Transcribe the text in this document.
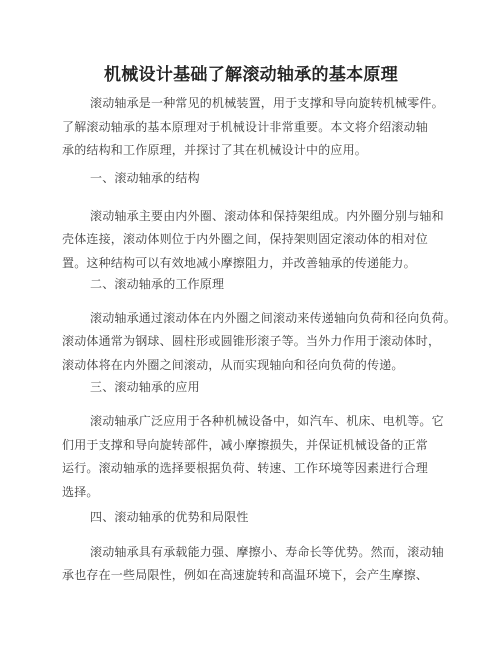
机械设计基础了解滚动轴承的基本原理
滚动轴承是一种常见的机械装置，用于支撑和导向旋转机械零件。
了解滚动轴承的基本原理对于机械设计非常重要。本文将介绍滚动轴
承的结构和工作原理，并探讨了其在机械设计中的应用。
一、滚动轴承的结构
滚动轴承主要由内外圈、滚动体和保持架组成。内外圈分别与轴和
壳体连接，滚动体则位于内外圈之间，保持架则固定滚动体的相对位
置。这种结构可以有效地减小摩擦阻力，并改善轴承的传递能力。
二、滚动轴承的工作原理
滚动轴承通过滚动体在内外圈之间滚动来传递轴向负荷和径向负荷。
滚动体通常为钢球、圆柱形或圆锥形滚子等。当外力作用于滚动体时，
滚动体将在内外圈之间滚动，从而实现轴向和径向负荷的传递。
三、滚动轴承的应用
滚动轴承广泛应用于各种机械设备中，如汽车、机床、电机等。它
们用于支撑和导向旋转部件，减小摩擦损失，并保证机械设备的正常
运行。滚动轴承的选择要根据负荷、转速、工作环境等因素进行合理
选择。
四、滚动轴承的优势和局限性
滚动轴承具有承载能力强、摩擦小、寿命长等优势。然而，滚动轴
承也存在一些局限性，例如在高速旋转和高温环境下，会产生摩擦、
